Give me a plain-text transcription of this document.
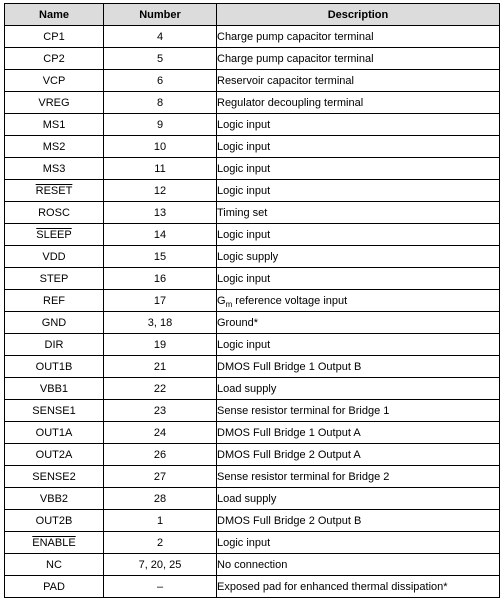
Name	Number	Description
CP1	4	Charge pump capacitor terminal
CP2	5	Charge pump capacitor terminal
VCP	6	Reservoir capacitor terminal
VREG	8	Regulator decoupling terminal
MS1	9	Logic input
MS2	10	Logic input
MS3	11	Logic input
RESET	12	Logic input
ROSC	13	Timing set
SLEEP	14	Logic input
VDD	15	Logic supply
STEP	16	Logic input
REF	17	$G_m$ reference voltage input
GND	3, 18	Ground*
DIR	19	Logic input
OUT1B	21	DMOS Full Bridge 1 Output B
VBB1	22	Load supply
SENSE1	23	Sense resistor terminal for Bridge 1
OUT1A	24	DMOS Full Bridge 1 Output A
OUT2A	26	DMOS Full Bridge 2 Output A
SENSE2	27	Sense resistor terminal for Bridge 2
VBB2	28	Load supply
OUT2B	1	DMOS Full Bridge 2 Output B
ENABLE	2	Logic input
NC	7, 20, 25	No connection
PAD	–	Exposed pad for enhanced thermal dissipation*
